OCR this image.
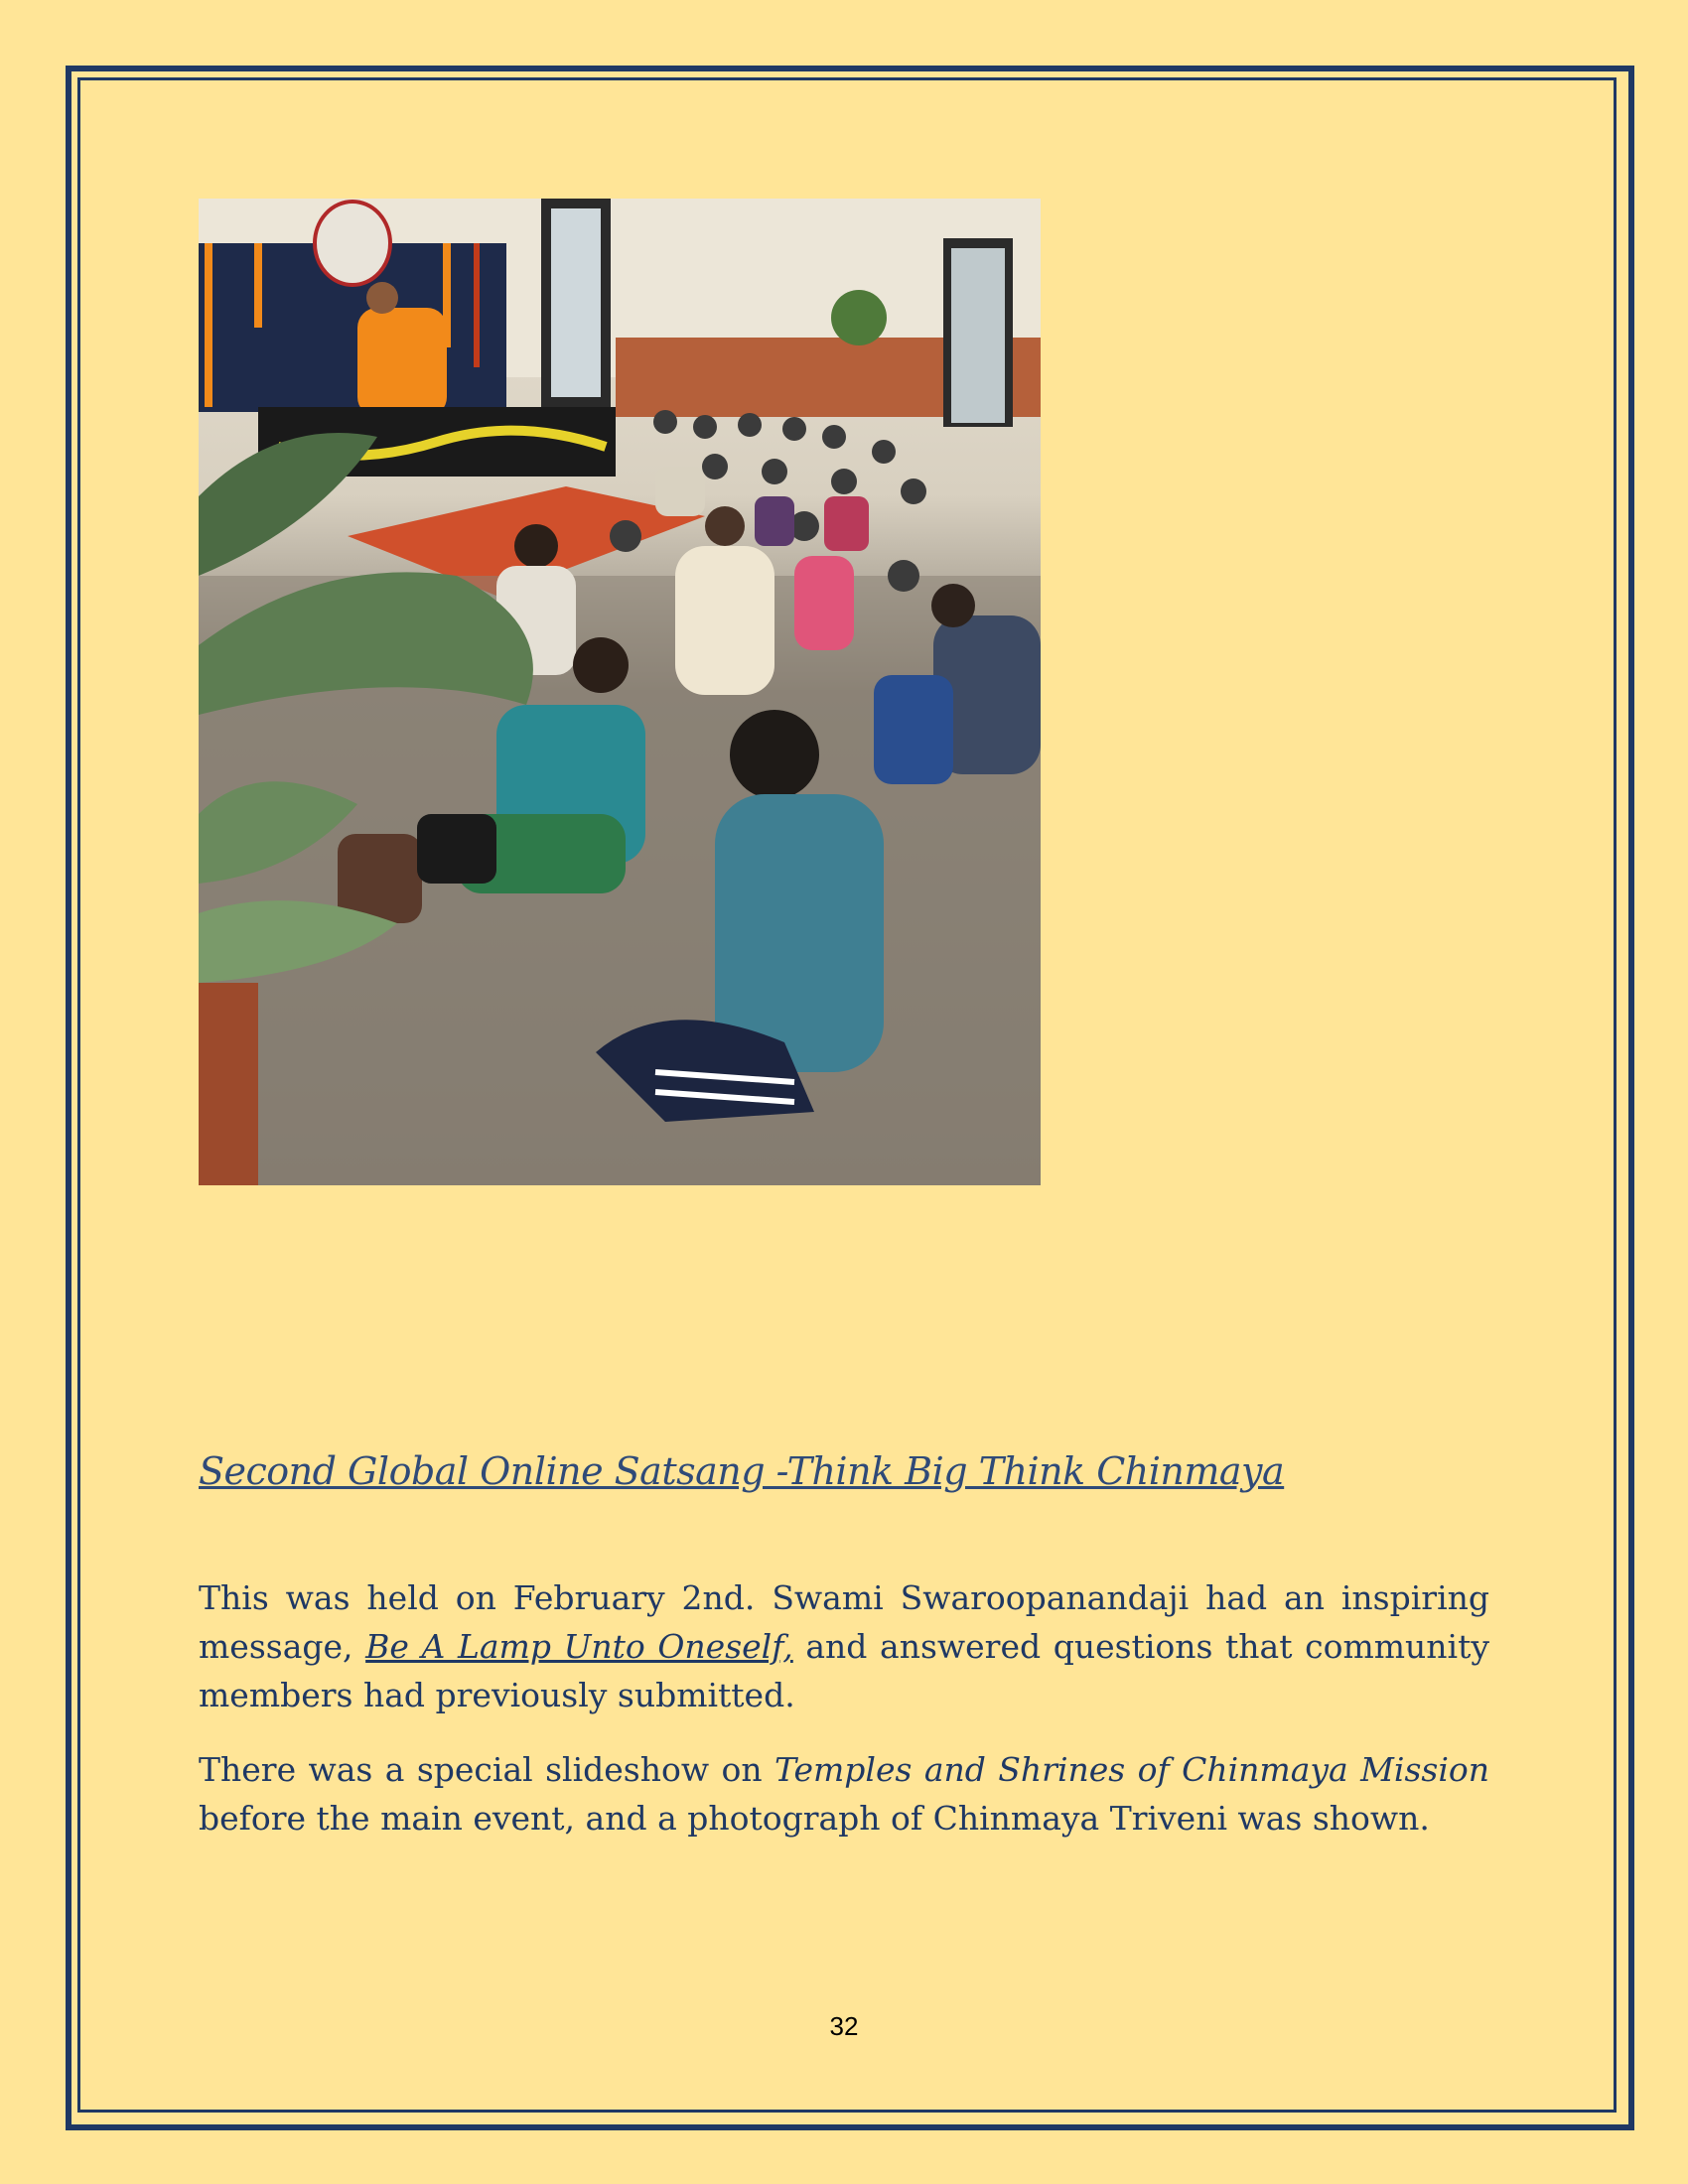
Second Global Online Satsang -Think Big Think Chinmaya

This was held on February 2nd. Swami Swaroopanandaji had an inspiring message, Be A Lamp Unto Oneself, and answered questions that community members had previously submitted.

There was a special slideshow on Temples and Shrines of Chinmaya Mission before the main event, and a photograph of Chinmaya Triveni was shown.

32
